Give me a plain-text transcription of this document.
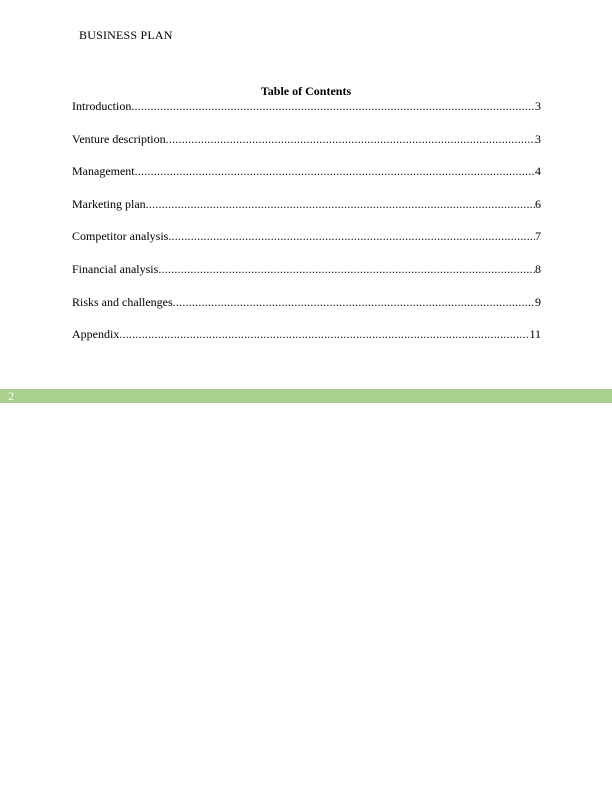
BUSINESS PLAN
Table of Contents
Introduction .....	3
Venture description .....	3
Management .....	4
Marketing plan .....	6
Competitor analysis .....	7
Financial analysis .....	8
Risks and challenges .....	9
Appendix .....	11
2
